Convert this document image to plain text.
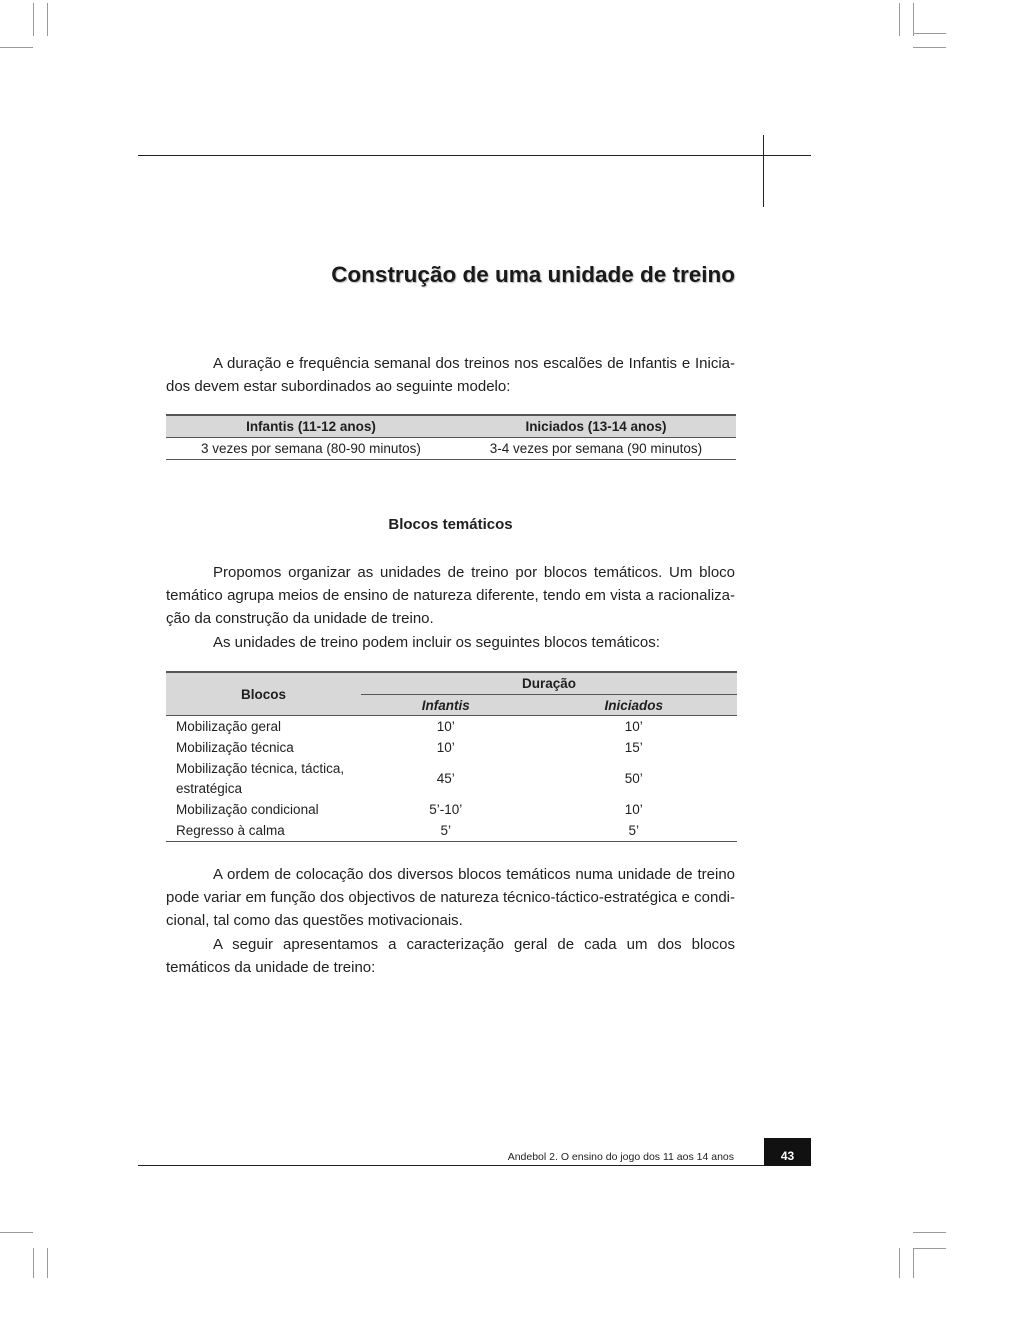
Construção de uma unidade de treino

A duração e frequência semanal dos treinos nos escalões de Infantis e Inicia-dos devem estar subordinados ao seguinte modelo:

Infantis (11-12 anos)	Iniciados (13-14 anos)
3 vezes por semana (80-90 minutos)	3-4 vezes por semana (90 minutos)
Blocos temáticos

Propomos organizar as unidades de treino por blocos temáticos. Um bloco temático agrupa meios de ensino de natureza diferente, tendo em vista a racionaliza-ção da construção da unidade de treino.

As unidades de treino podem incluir os seguintes blocos temáticos:

Blocos	Duração	
	Infantis	Iniciados
Mobilização geral	10’	10’
Mobilização técnica	10’	15’
Mobilização técnica, táctica, estratégica	45’	50’
Mobilização condicional	5’-10’	10’
Regresso à calma	5’	5’

A ordem de colocação dos diversos blocos temáticos numa unidade de treino pode variar em função dos objectivos de natureza técnico-táctico-estratégica e condi-cional, tal como das questões motivacionais.

A seguir apresentamos a caracterização geral de cada um dos blocos temáticos da unidade de treino:

Andebol 2. O ensino do jogo dos 11 aos 14 anos	43
